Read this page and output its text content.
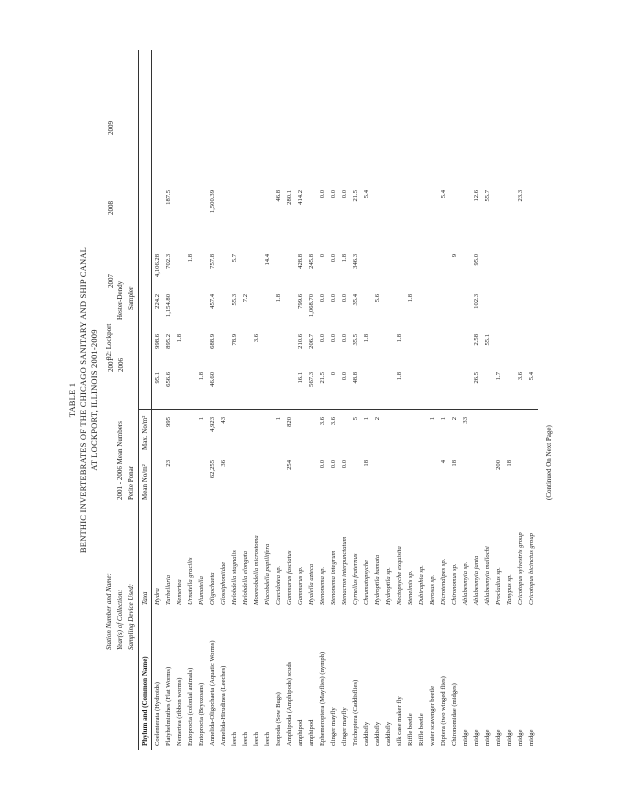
TABLE 1 BENTHIC INVERTEBRATES OF THE CHICAGO SANITARY AND SHIP CANAL AT LOCKPORT, ILLINOIS 2001-2009
Station Number and Name:
92: Lockport
Year(s) of Collection:
2001 - 2006 Mean Numbers
Sampling Device Used:
Petite Ponar
Hester-Dendy Sampler
2001 2006
2007
2008
2009
Phylum and (Common Name)
Taxa
Mean No/m²
Max. No/m²
Coelenterata (Hydroids)
Hydra
95.1
998.6
224.2
4,106.28
Platyhelminthes (Flat Worms)
Turbellaria
23
995
656.6
895.2
1,154.80
702.3
187.5
Nemertea (ribbon worms)
Nemertea
1.8
Entoprocta (colonial animals)
Urnatella gracilis
1.8
Entoprocta (Bryozoans)
Plumatella
1
1.8
Annelida-Oligochaeta (Aquatic Worms)
Oligochaeta
62,255
4,923
46.60
688.9
457.4
757.8
1,500.39
Annelida-Hirudinea (Leeches)
Glossiphoniidae
36
43
leech
Helobdella stagnalis
78.9
55.3
5.7
leech
Helobdella elongata
7.2
leech
Mooreobdella microstoma
3.6
leech
Placobdella papillifera
14.4
Isopoda (Sow Bugs)
Caecidotea sp.
1
1.8
46.8
Amphipoda (Amphipods) scuds
Gammarus fasciatus
254
820
280.1
amphipod
Gammarus sp.
16.1
210.6
799.6
428.8
414.2
amphipod
Hyalella azteca
567.3
206.7
1,068.70
245.8
Ephemeroptera (Mayflies) (nymph)
Stenonema sp.
0.0
3.6
21.5
0.0
0.0
0
0.0
clinger mayfly
Stenonema integrum
0.0
3.6
0
0.0
0.0
0.0
0.0
clinger mayfly
Stenacron interpunctatum
0.0
0.0
0.0
0.0
1.8
0.0
Trichoptera (Caddisflies)
Cyrnellus fraternus
5
48.8
35.5
35.4
346.3
21.5
caddisfly
Cheumatopsyche
18
1
1.8
5.4
caddisfly
Hydroptila hamata
2
5.6
caddisfly
Hydroptila sp.
silk case maker fly
Nectopsyche exquisita
1.8
1.8
Riffle beetle
Stenelmis sp.
1.8
Riffle beetle
Dubiraphia sp.
water scavenger beetle
Berosus sp.
1
Diptera (two winged flies)
Dicrotendipes sp.
4
1
5.4
Chironomidae (midges)
Chironomus sp.
18
2
9
midge
Ablabesmyia sp.
33
midge
Ablabesmyia janta
26.5
2.58
102.3
95.0
12.6
midge
Ablabesmyia mallochi
55.1
55.7
midge
Procladius sp.
200
1.7
midge
Tanypus sp.
18
midge
Cricotopus sylvestris group
3.6
23.3
midge
Cricotopus bicinctus group
5.4
(Continued On Next Page)
